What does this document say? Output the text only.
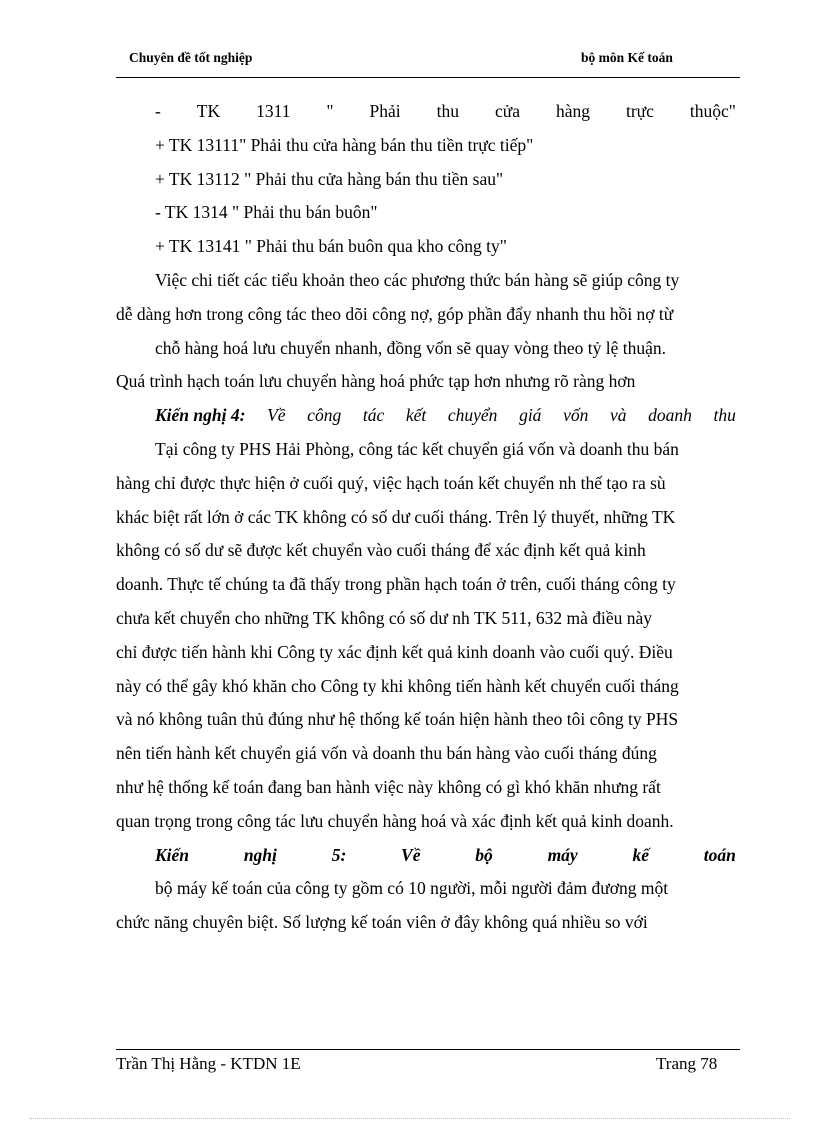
Chuyên đề tốt nghiệp	bộ môn Kế toán
- TK 1311 " Phải thu cửa hàng trực thuộc"
+ TK 13111" Phải thu cửa hàng bán thu tiền trực tiếp"
+ TK 13112 " Phải thu cửa hàng bán thu tiền sau"
- TK 1314 " Phải thu bán buôn"
+ TK 13141 " Phải thu bán buôn qua kho công ty"
Việc chi tiết các tiểu khoản theo các phương thức bán hàng sẽ giúp công ty
dễ dàng hơn trong công tác theo dõi công nợ, góp phần đẩy nhanh thu hồi nợ từ
chỗ hàng hoá lưu chuyển nhanh, đồng vốn sẽ quay vòng theo tỷ lệ thuận.
Quá trình hạch toán lưu chuyển hàng hoá phức tạp hơn nhưng rõ ràng hơn
Kiến nghị 4: Về công tác kết chuyển giá vốn và doanh thu
Tại công ty PHS Hải Phòng, công tác kết chuyển giá vốn và doanh thu bán
hàng chỉ được thực hiện ở cuối quý, việc hạch toán kết chuyển nh thế tạo ra sù
khác biệt rất lớn ở các TK không có số dư cuối tháng. Trên lý thuyết, những TK
không có số dư sẽ được kết chuyển vào cuối tháng để xác định kết quả kinh
doanh. Thực tế chúng ta đã thấy trong phần hạch toán ở trên, cuối tháng công ty
chưa kết chuyển cho những TK không có số dư nh TK 511, 632 mà điều này
chỉ được tiến hành khi Công ty xác định kết quả kinh doanh vào cuối quý. Điều
này có thể gây khó khăn cho Công ty khi không tiến hành kết chuyển cuối tháng
và nó không tuân thủ đúng như hệ thống kế toán hiện hành theo tôi công ty PHS
nên tiến hành kết chuyển giá vốn và doanh thu bán hàng vào cuối tháng đúng
như hệ thống kế toán đang ban hành việc này không có gì khó khăn nhưng rất
quan trọng trong công tác lưu chuyển hàng hoá và xác định kết quả kinh doanh.
Kiến	nghị	5:	Về	bộ	máy	kế	toán
bộ máy kế toán của công ty gồm có 10 người, mỗi người đảm đương một
chức năng chuyên biệt. Số lượng kế toán viên ở đây không quá nhiều so với
Trần Thị Hằng - KTDN 1E	Trang 78
